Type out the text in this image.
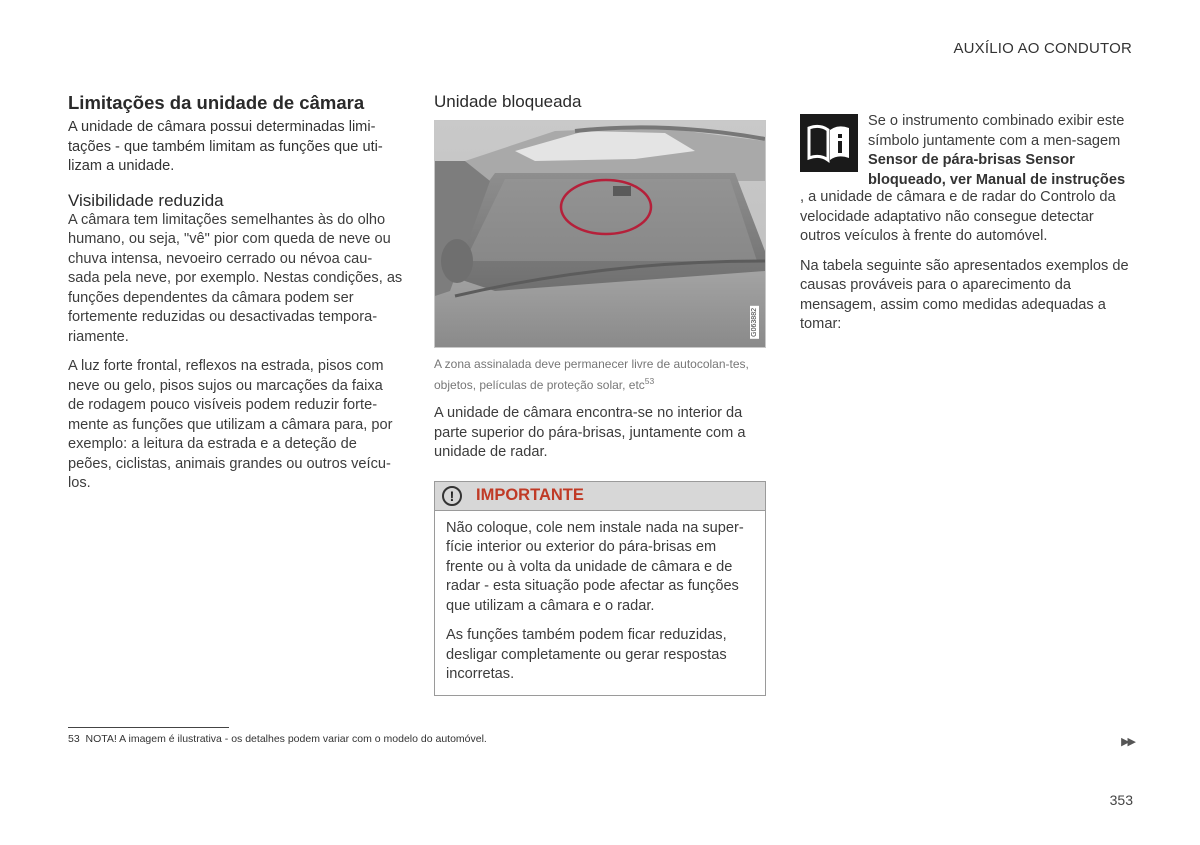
AUXÍLIO AO CONDUTOR
Limitações da unidade de câmara

A unidade de câmara possui determinadas limi-tações - que também limitam as funções que uti-lizam a unidade.

Visibilidade reduzida

A câmara tem limitações semelhantes às do olho humano, ou seja, "vê" pior com queda de neve ou chuva intensa, nevoeiro cerrado ou névoa cau-sada pela neve, por exemplo. Nestas condições, as funções dependentes da câmara podem ser fortemente reduzidas ou desactivadas tempora-riamente.

A luz forte frontal, reflexos na estrada, pisos com neve ou gelo, pisos sujos ou marcações da faixa de rodagem pouco visíveis podem reduzir forte-mente as funções que utilizam a câmara para, por exemplo: a leitura da estrada e a deteção de peões, ciclistas, animais grandes ou outros veícu-los.

Unidade bloqueada
G063882
A zona assinalada deve permanecer livre de autocolan-tes, objetos, películas de proteção solar, etc$^{53}$

A unidade de câmara encontra-se no interior da parte superior do pára-brisas, juntamente com a unidade de radar.

!	IMPORTANTE

Não coloque, cole nem instale nada na super-fície interior ou exterior do pára-brisas em frente ou à volta da unidade de câmara e de radar - esta situação pode afectar as funções que utilizam a câmara e o radar.

As funções também podem ficar reduzidas, desligar completamente ou gerar respostas incorretas.

Se o instrumento combinado exibir este símbolo juntamente com a men-sagem Sensor de pára-brisas Sensor bloqueado, ver Manual de instruções

, a unidade de câmara e de radar do Controlo da velocidade adaptativo não consegue detectar outros veículos à frente do automóvel.

Na tabela seguinte são apresentados exemplos de causas prováveis para o aparecimento da mensagem, assim como medidas adequadas a tomar:

53 NOTA! A imagem é ilustrativa - os detalhes podem variar com o modelo do automóvel.	▶▶
353
